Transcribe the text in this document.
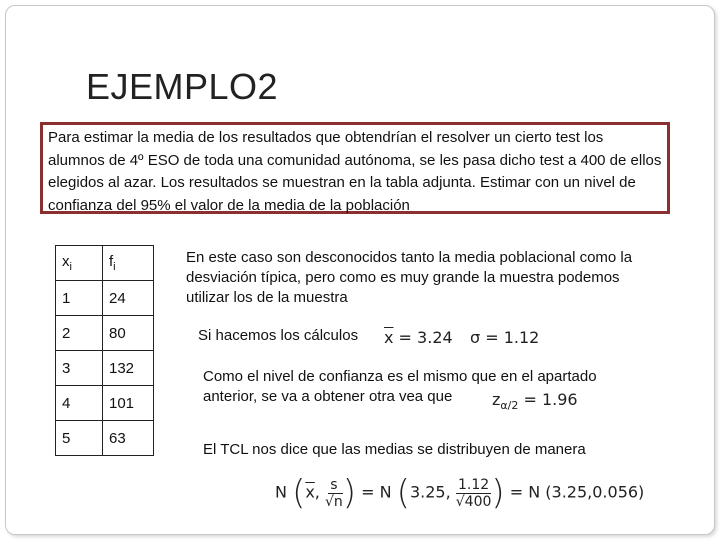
EJEMPLO2

Para estimar la media de los resultados que obtendrían el resolver un cierto test los alumnos de 4º ESO de toda una comunidad autónoma, se les pasa dicho test a 400 de ellos elegidos al azar. Los resultados se muestran en la tabla adjunta. Estimar con un nivel de confianza del 95% el valor de la media de la población

$x_i$	$f_i$
1	24
2	80
3	132
4	101
5	63

En este caso son desconocidos tanto la media poblacional como la desviación típica, pero como es muy grande la muestra podemos utilizar los de la muestra

Si hacemos los cálculos

Como el nivel de confianza es el mismo que en el apartado anterior, se va a obtener otra vea que

El TCL nos dice que las medias se distribuyen de manera

$\overline{x} = 3.24$ σ = 1.12
$z_{\alpha/2} = 1.96$
N ($\overline{x}$, $\frac{s}{√n}$ ) = N (3.25, $\frac{1.12}{√400}$ ) = N (3.25,0.056)
